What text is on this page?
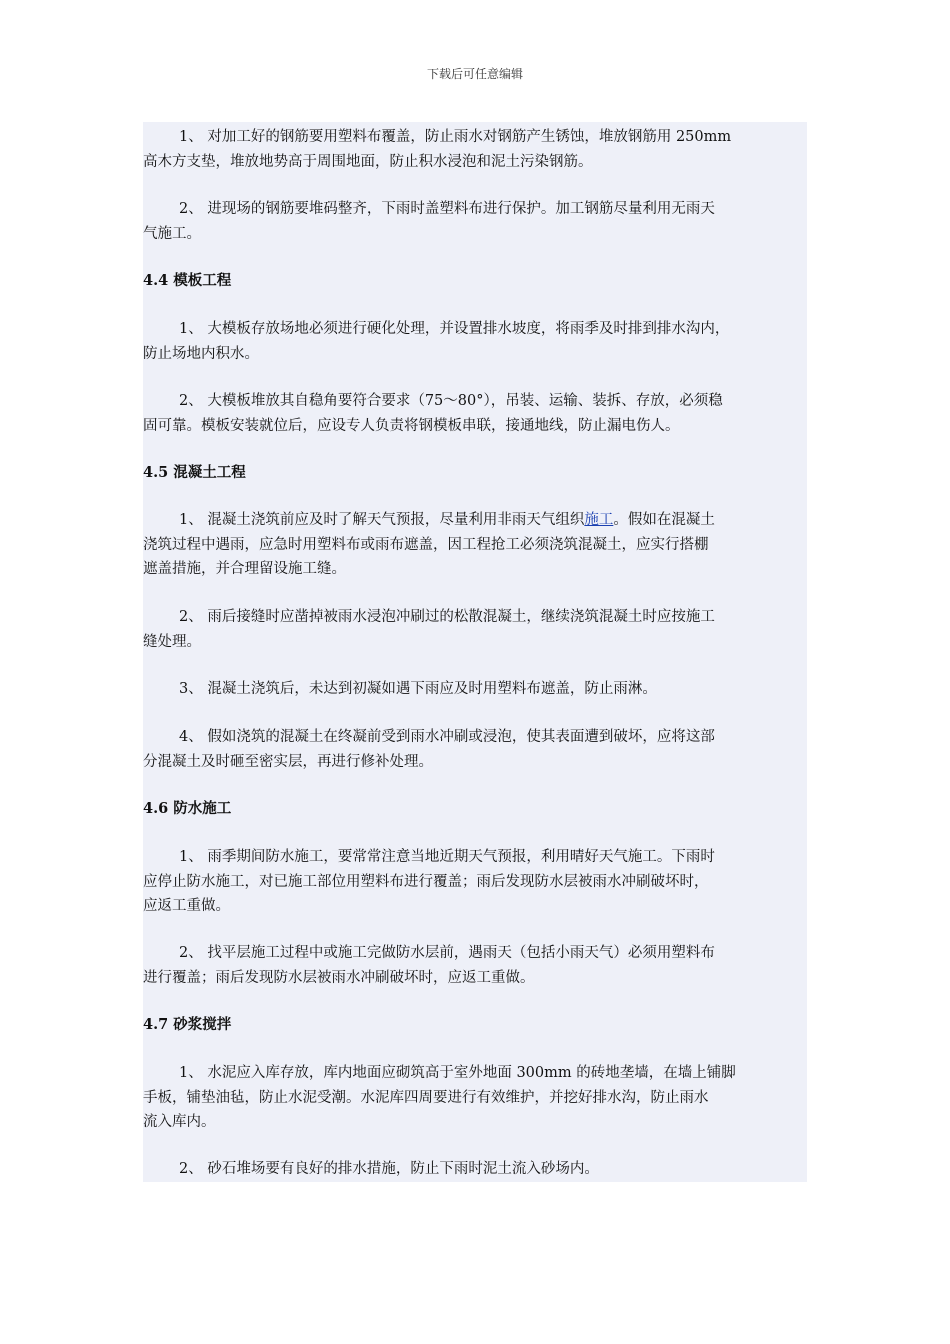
下载后可任意编辑
1、 对加工好的钢筋要用塑料布覆盖，防止雨水对钢筋产生锈蚀，堆放钢筋用 250mm
高木方支垫，堆放地势高于周围地面，防止积水浸泡和泥土污染钢筋。
2、 进现场的钢筋要堆码整齐，下雨时盖塑料布进行保护。加工钢筋尽量利用无雨天
气施工。
4.4 模板工程
1、 大模板存放场地必须进行硬化处理，并设置排水坡度，将雨季及时排到排水沟内，
防止场地内积水。
2、 大模板堆放其自稳角要符合要求（75～80°），吊装、运输、装拆、存放，必须稳
固可靠。模板安装就位后，应设专人负责将钢模板串联，接通地线，防止漏电伤人。
4.5 混凝土工程
1、 混凝土浇筑前应及时了解天气预报，尽量利用非雨天气组织施工。假如在混凝土
浇筑过程中遇雨，应急时用塑料布或雨布遮盖，因工程抢工必须浇筑混凝土，应实行搭棚
遮盖措施，并合理留设施工缝。
2、 雨后接缝时应凿掉被雨水浸泡冲刷过的松散混凝土，继续浇筑混凝土时应按施工
缝处理。
3、 混凝土浇筑后，未达到初凝如遇下雨应及时用塑料布遮盖，防止雨淋。
4、 假如浇筑的混凝土在终凝前受到雨水冲刷或浸泡，使其表面遭到破坏，应将这部
分混凝土及时砸至密实层，再进行修补处理。
4.6 防水施工
1、 雨季期间防水施工，要常常注意当地近期天气预报，利用晴好天气施工。下雨时
应停止防水施工，对已施工部位用塑料布进行覆盖；雨后发现防水层被雨水冲刷破坏时，
应返工重做。
2、 找平层施工过程中或施工完做防水层前，遇雨天（包括小雨天气）必须用塑料布
进行覆盖；雨后发现防水层被雨水冲刷破坏时，应返工重做。
4.7 砂浆搅拌
1、 水泥应入库存放，库内地面应砌筑高于室外地面 300mm 的砖地垄墙，在墙上铺脚
手板，铺垫油毡，防止水泥受潮。水泥库四周要进行有效维护，并挖好排水沟，防止雨水
流入库内。
2、 砂石堆场要有良好的排水措施，防止下雨时泥土流入砂场内。
